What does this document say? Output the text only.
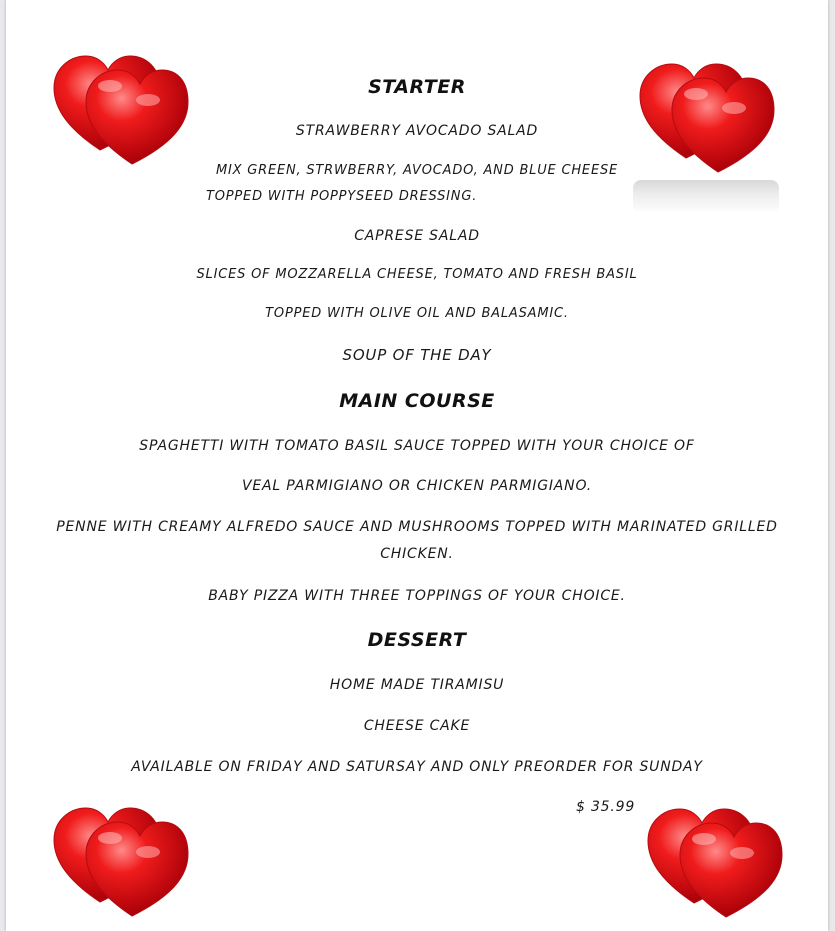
STARTER
STRAWBERRY AVOCADO SALAD
MIX GREEN, STRWBERRY, AVOCADO, AND BLUE CHEESE
TOPPED WITH POPPYSEED DRESSING.
CAPRESE SALAD
SLICES OF MOZZARELLA CHEESE, TOMATO AND FRESH BASIL
TOPPED WITH OLIVE OIL AND BALASAMIC.
SOUP OF THE DAY
MAIN COURSE
SPAGHETTI WITH TOMATO BASIL SAUCE TOPPED WITH YOUR CHOICE OF
VEAL PARMIGIANO OR CHICKEN PARMIGIANO.
PENNE WITH CREAMY ALFREDO SAUCE AND MUSHROOMS TOPPED WITH MARINATED GRILLED
CHICKEN.
BABY PIZZA WITH THREE TOPPINGS OF YOUR CHOICE.
DESSERT
HOME MADE TIRAMISU
CHEESE CAKE
AVAILABLE ON FRIDAY AND SATURSAY AND ONLY PREORDER FOR SUNDAY
$ 35.99
